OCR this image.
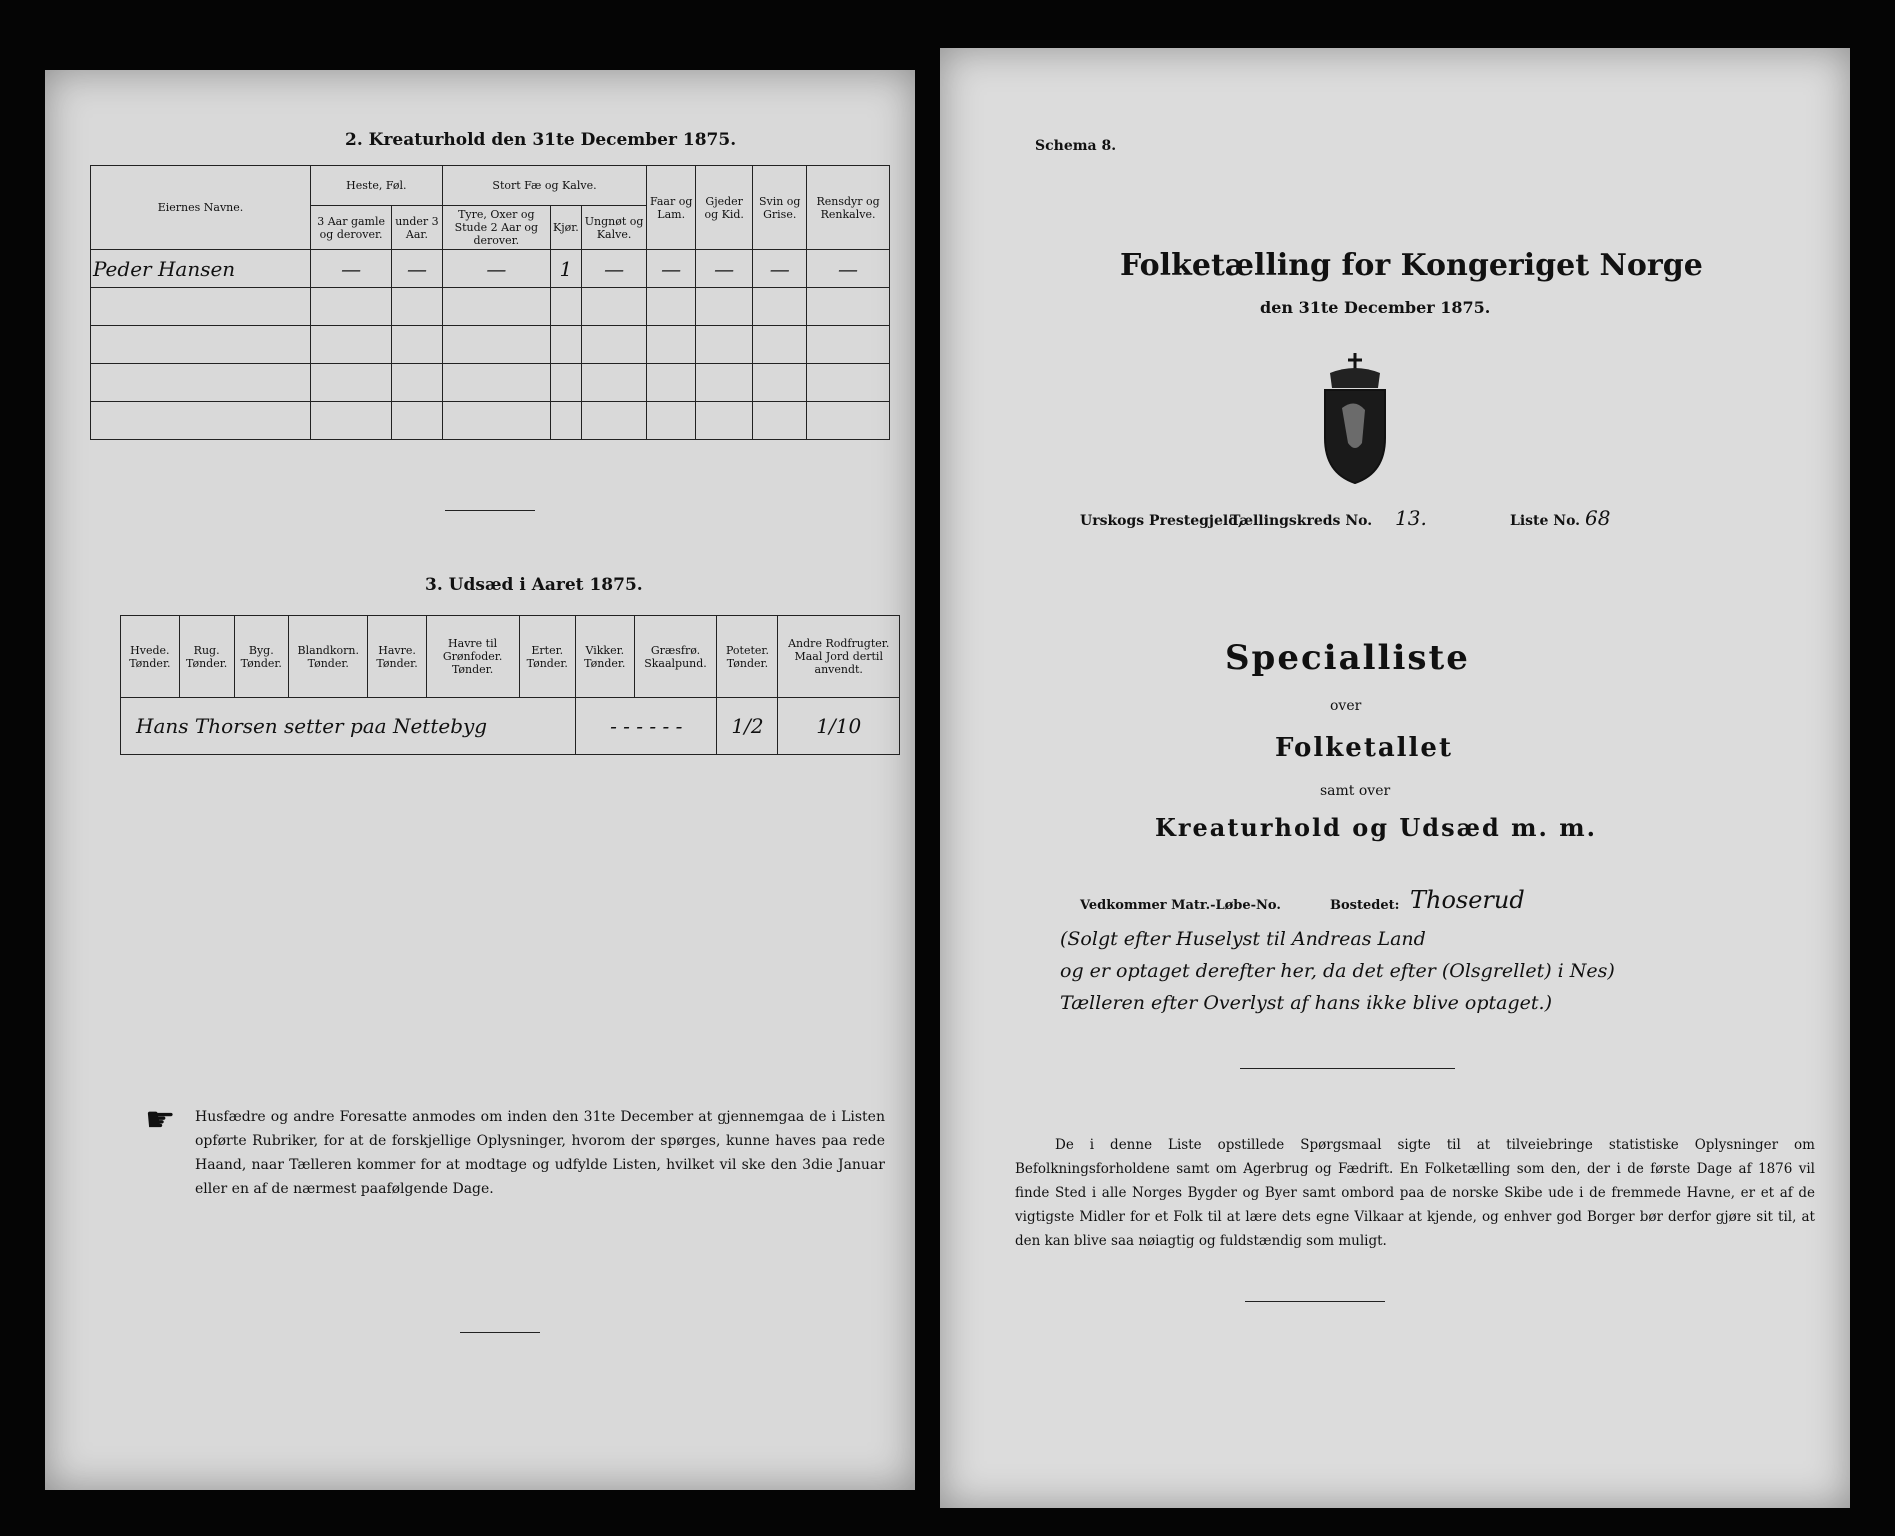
2. Kreaturhold den 31te December 1875.
Eiernes Navne.	Heste, Føl.		Stort Fæ og Kalve.			Faar og Lam.	Gjeder og Kid.	Svin og Grise.	Rensdyr og Renkalve.
	3 Aar gamle og derover.	under 3 Aar.	Tyre, Oxer og Stude 2 Aar og derover.	Kjør.	Ungnøt og Kalve.				
Peder Hansen	—	—	—	1	—	—	—	—	—

3. Udsæd i Aaret 1875.
Hvede. Tønder.	Rug. Tønder.	Byg. Tønder.	Blandkorn. Tønder.	Havre. Tønder.	Havre til Grønfoder. Tønder.	Erter. Tønder.	Vikker. Tønder.	Græsfrø. Skaalpund.	Poteter. Tønder.	Andre Rodfrugter. Maal Jord dertil anvendt.
Hans Thorsen setter paa Nettebyg							- - - - - -		1/2	1/10
☛ Husfædre og andre Foresatte anmodes om inden den 31te December at gjennemgaa de i Listen opførte Rubriker, for at de forskjellige Oplysninger, hvorom der spørges, kunne haves paa rede Haand, naar Tælleren kommer for at modtage og udfylde Listen, hvilket vil ske den 3die Januar eller en af de nærmest paafølgende Dage.
Schema 8.
Folketælling for Kongeriget Norge
den 31te December 1875.
Urskogs Prestegjeld,
Tællingskreds No. 13.	Liste No. 68
Specialliste
over
Folketallet
samt over
Kreaturhold og Udsæd m. m.
Vedkommer Matr.-Løbe-No.	Bostedet: Thoserud
(Solgt efter Huselyst til Andreas Land
og er optaget derefter her, da det efter (Olsgrellet) i Nes)
Tælleren efter Overlyst af hans ikke blive optaget.)
De i denne Liste opstillede Spørgsmaal sigte til at tilveiebringe statistiske Oplysninger om Befolkningsforholdene samt om Agerbrug og Fædrift. En Folketælling som den, der i de første Dage af 1876 vil finde Sted i alle Norges Bygder og Byer samt ombord paa de norske Skibe ude i de fremmede Havne, er et af de vigtigste Midler for et Folk til at lære dets egne Vilkaar at kjende, og enhver god Borger bør derfor gjøre sit til, at den kan blive saa nøiagtig og fuldstændig som muligt.
